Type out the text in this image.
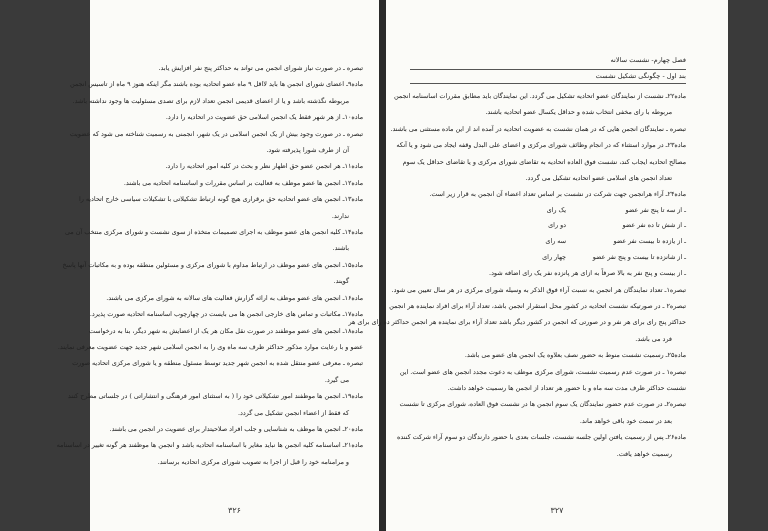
تبصره ـ در صورت نیاز شورای انجمن می تواند به حداکثر پنج نفر افزایش یابد.
ماده۹ـ اعضای شورای انجمن ها باید لااقل ۹ ماه عضو اتحادیه بوده باشند مگر اینکه هنوز ۹ ماه از تاسیس انجمن
مربوطه نگذشته باشد و یا از اعضای قدیمی انجمن تعداد لازم برای تصدی مسئولیت ها وجود نداشته باشد.
ماده۱۰ـ از هر شهر فقط یک انجمن اسلامی حق عضویت در اتحادیه را دارد.
تبصره ـ در صورت وجود بیش از یک انجمن اسلامی در یک شهر، انجمنی به رسمیت شناخته می شود که عضویت
آن از طرف شورا پذیرفته شود.
ماده۱۱ـ هر انجمن عضو حق اظهار نظر و بحث در کلیه امور اتحادیه را دارد.
ماده۱۲ـ انجمن ها عضو موظف به فعالیت بر اساس مقررات و اساسنامه اتحادیه می باشند.
ماده۱۳ـ انجمن های عضو اتحادیه حق برقراری هیچ گونه ارتباط تشکیلاتی با تشکیلات سیاسی خارج اتحادیه را
ندارند.
ماده۱۴ـ کلیه انجمن های عضو موظف به اجرای تصمیمات متخذه از سوی نشست و شورای مرکزی منتخب آن می
باشند.
ماده۱۵ـ انجمن های عضو موظف در ارتباط مداوم با شورای مرکزی و مسئولین منطقه بوده و به مکاتبات آنها پاسخ
گویند.
ماده۱۶ـ انجمن های عضو موظف به ارائه گزارش فعالیت های سالانه به شورای مرکزی می باشند.
ماده۱۷ـ مکاتبات و تماس های خارجی انجمن ها می بایست در چهارچوب اساسنامه اتحادیه صورت پذیرد.
ماده۱۸ـ انجمن های عضو موظفند در صورت نقل مکان هر یک از اعضایش به شهر دیگر، بنا به درخواست
عضو و با رعایت موارد مذکور حداکثر ظرف سه ماه وی را به انجمن اسلامی شهر جدید جهت عضویت معرفی نمایند.
تبصره ـ معرفی عضو منتقل شده به انجمن شهر جدید توسط مسئول منطقه و یا شورای مرکزی اتحادیه صورت
می گیرد.
ماده۱۹ـ انجمن ها موظفند امور تشکیلاتی خود را ( به استثنای امور فرهنگی و انتشاراتی ) در جلساتی مطرح کنند
که فقط از اعضاء انجمن تشکیل می گردد.
ماده۲۰ـ انجمن ها موظف به شناسایی و جلب افراد صلاحیتدار برای عضویت در انجمن می باشند.
ماده۲۱ـ اساسنامه کلیه انجمن ها نباید مغایر با اساسنامه اتحادیه باشد و انجمن ها موظفند هر گونه تغییر در اساسنامه
و مرامنامه خود را قبل از اجرا به تصویب شورای مرکزی اتحادیه برسانند.
۳۲۶
فصل چهارم- نشست سالانه
بند اول - چگونگی تشکیل نشست
ماده۲۲ـ نشست از نمایندگان عضو اتحادیه تشکیل می گردد. این نمایندگان باید مطابق مقررات اساسنامه انجمن
مربوطه با رای مخفی انتخاب شده و حداقل یکسال عضو اتحادیه باشند.
تبصره ـ نمایندگان انجمن هایی که در همان نشست به عضویت اتحادیه در آمده اند از این ماده مستثنی می باشند.
ماده۲۳ـ در موارد استثناء که در انجام وظائف شورای مرکزی و اعضای علی البدل وقفه ایجاد می شود و یا آنکه
مصالح اتحادیه ایجاب کند، نشست فوق العاده اتحادیه به تقاضای شورای مرکزی و یا تقاضای حداقل یک سوم
تعداد انجمن های اسلامی عضو اتحادیه تشکیل می گردد.
ماده۲۴ـ آراء هرانجمن جهت شرکت در نشست بر اساس تعداد اعضاء آن انجمن به قرار زیر است.
ـ از سه تا پنج نفر عضو
یک رای
ـ از شش تا ده نفر عضو
دو رای
ـ از یازده تا بیست نفر عضو
سه رای
ـ از شانزده تا بیست و پنج نفر عضو
چهار رای
ـ از بیست و پنج نفر به بالا صرفاً به ازای هر پانزده نفر یک رای اضافه شود.
تبصره۱ـ تعداد نمایندگان هر انجمن به نسبت آراء فوق الذکر به وسیله شورای مرکزی در هر سال تعیین می شود.
تبصره۲ ـ در صورتیکه نشست اتحادیه در کشور محل استقرار انجمن باشد، تعداد آراء برای افراد نماینده هر انجمن
حداکثر پنج رای برای هر نفر و در صورتی که انجمن در کشور دیگر باشد تعداد آراء برای نماینده هر انجمن حداکثر ده رای برای هر
فرد می باشد.
ماده۲۵ـ رسمیت نشست منوط به حضور نصف بعلاوه یک انجمن های عضو می باشد.
تبصره۱ ـ در صورت عدم رسمیت نشست، شورای مرکزی موظف به دعوت مجدد انجمن های عضو است. این
نشست حداکثر ظرف مدت سه ماه و با حضور هر تعداد از انجمن ها رسمیت خواهد داشت.
تبصره۲ـ در صورت عدم حضور نمایندگان یک سوم انجمن ها در نشست فوق العاده، شورای مرکزی تا نشست
بعد در سمت خود باقی خواهد ماند.
ماده۲۶ـ پس از رسمیت یافتن اولین جلسه نشست، جلسات بعدی با حضور دارندگان دو سوم آراء شرکت کننده
رسمیت خواهد یافت.
۳۲۷
